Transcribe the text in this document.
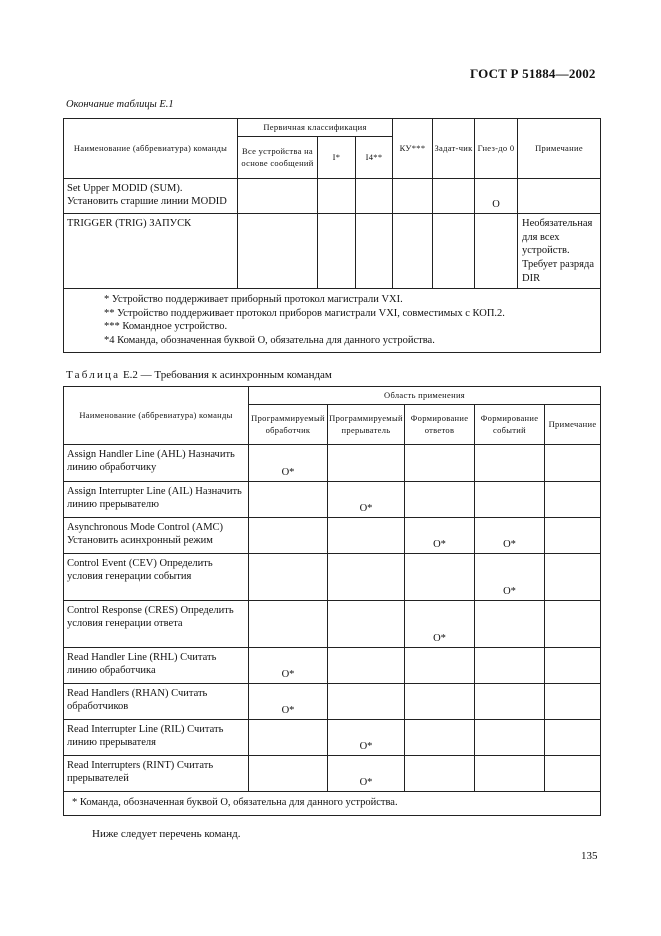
ГОСТ Р 51884—2002
Окончание таблицы Е.1
Наименование (аббревиатура) команды	Первичная классификация			КУ***	Задат-чик	Гнез-до 0	Примечание
	Все устройства на основе сообщений	I*	I4**				
Set Upper MODID (SUM). Установить старшие линии MODID						O	
TRIGGER (TRIG) ЗАПУСК							Необязательная для всех устройств. Требует разряда DIR

* Устройство поддерживает приборный протокол магистрали VXI.
** Устройство поддерживает протокол приборов магистрали VXI, совместимых с КОП.2.
*** Командное устройство.
*4 Команда, обозначенная буквой О, обязательна для данного устройства.							
Таблица Е.2 — Требования к асинхронным командам
Наименование (аббревиатура) команды	Область применения				
	Программируемый обработчик	Программируемый прерыватель	Формирование ответов	Формирование событий	Примечание
Assign Handler Line (AHL) Назначить линию обработчику	O*				
Assign Interrupter Line (AIL) Назначить линию прерывателю		O*			
Asynchronous Mode Control (AMC) Установить асинхронный режим			O*	O*	
Control Event (CEV) Определить условия генерации события				O*	
Control Response (CRES) Определить условия генерации ответа			O*		
Read Handler Line (RHL) Считать линию обработчика	O*				
Read Handlers (RHAN) Считать обработчиков	O*				
Read Interrupter Line (RIL) Считать линию прерывателя		O*			
Read Interrupters (RINT) Считать прерывателей		O*			
* Команда, обозначенная буквой О, обязательна для данного устройства.					
Ниже следует перечень команд.
135
